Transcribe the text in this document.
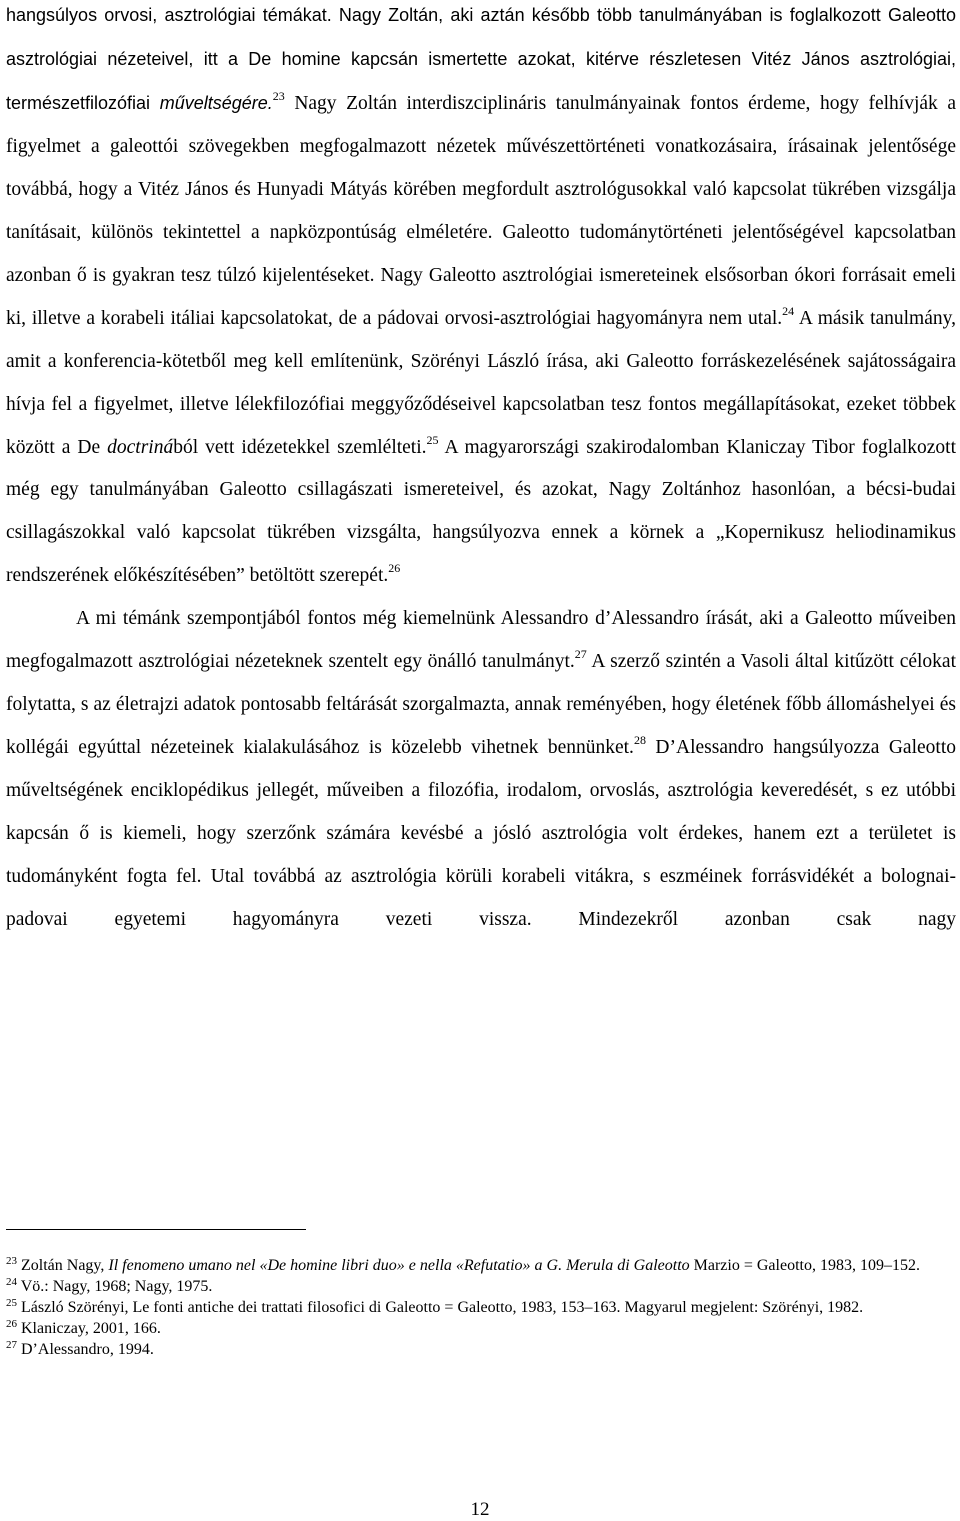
hangsúlyos orvosi, asztrológiai témákat. Nagy Zoltán, aki aztán később több tanulmányában is foglalkozott Galeotto asztrológiai nézeteivel, itt a De homine kapcsán ismertette azokat, kitérve részletesen Vitéz János asztrológiai, természetfilozófiai műveltségére.$^{23}$ Nagy Zoltán interdiszciplináris tanulmányainak fontos érdeme, hogy felhívják a figyelmet a galeottói szövegekben megfogalmazott nézetek művészettörténeti vonatkozásaira, írásainak jelentősége továbbá, hogy a Vitéz János és Hunyadi Mátyás körében megfordult asztrológusokkal való kapcsolat tükrében vizsgálja tanításait, különös tekintettel a napközpontúság elméletére. Galeotto tudománytörténeti jelentőségével kapcsolatban azonban ő is gyakran tesz túlzó kijelentéseket. Nagy Galeotto asztrológiai ismereteinek elsősorban ókori forrásait emeli ki, illetve a korabeli itáliai kapcsolatokat, de a pádovai orvosi-asztrológiai hagyományra nem utal.$^{24}$ A másik tanulmány, amit a konferencia-kötetből meg kell említenünk, Szörényi László írása, aki Galeotto forráskezelésének sajátosságaira hívja fel a figyelmet, illetve lélekfilozófiai meggyőződéseivel kapcsolatban tesz fontos megállapításokat, ezeket többek között a De doctrinából vett idézetekkel szemlélteti.$^{25}$ A magyarországi szakirodalomban Klaniczay Tibor foglalkozott még egy tanulmányában Galeotto csillagászati ismereteivel, és azokat, Nagy Zoltánhoz hasonlóan, a bécsi-budai csillagászokkal való kapcsolat tükrében vizsgálta, hangsúlyozva ennek a körnek a „Kopernikusz heliodinamikus rendszerének előkészítésében” betöltött szerepét.$^{26}$

A mi témánk szempontjából fontos még kiemelnünk Alessandro d’Alessandro írását, aki a Galeotto műveiben megfogalmazott asztrológiai nézeteknek szentelt egy önálló tanulmányt.$^{27}$ A szerző szintén a Vasoli által kitűzött célokat folytatta, s az életrajzi adatok pontosabb feltárását szorgalmazta, annak reményében, hogy életének főbb állomáshelyei és kollégái egyúttal nézeteinek kialakulásához is közelebb vihetnek bennünket.$^{28}$ D’Alessandro hangsúlyozza Galeotto műveltségének enciklopédikus jellegét, műveiben a filozófia, irodalom, orvoslás, asztrológia keveredését, s ez utóbbi kapcsán ő is kiemeli, hogy szerzőnk számára kevésbé a jósló asztrológia volt érdekes, hanem ezt a területet is tudományként fogta fel. Utal továbbá az asztrológia körüli korabeli vitákra, s eszméinek forrásvidékét a bolognai-padovai egyetemi hagyományra vezeti vissza. Mindezekről azonban csak nagy

$^{23}$ Zoltán Nagy, Il fenomeno umano nel «De homine libri duo» e nella «Refutatio» a G. Merula di Galeotto Marzio = Galeotto, 1983, 109–152.

$^{24}$ Vö.: Nagy, 1968; Nagy, 1975.

$^{25}$ László Szörényi, Le fonti antiche dei trattati filosofici di Galeotto = Galeotto, 1983, 153–163. Magyarul megjelent: Szörényi, 1982.

$^{26}$ Klaniczay, 2001, 166.

$^{27}$ D’Alessandro, 1994.

12
